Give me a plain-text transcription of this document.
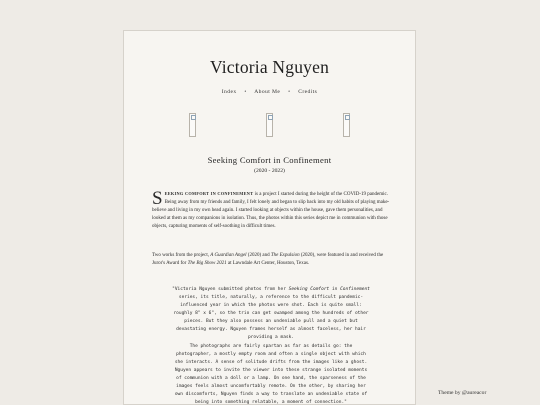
Victoria Nguyen
Index • About Me • Credits
Seeking Comfort in Confinement
(2020 - 2022)
SEEKING COMFORT IN CONFINEMENT is a project I started during the height of the COVID-19 pandemic. Being away from my friends and family, I felt lonely and began to slip back into my old habits of playing make-believe and living in my own head again. I started looking at objects within the house, gave them personalities, and looked at them as my companions in isolation. Thus, the photos within this series depict me in communion with those objects, capturing moments of self-soothing in difficult times.
Two works from the project, A Guardian Angel (2020) and The Expulsion (2020), were featured in and received the Juror's Award for The Big Show 2021 at Lawndale Art Center, Houston, Texas.
"Victoria Nguyen submitted photos from her Seeking Comfort in Confinement series, its title, naturally, a reference to the difficult pandemic-influenced year in which the photos were shot. Each is quite small: roughly 8" x 6", so the trio can get swamped among the hundreds of other pieces. But they also possess an undeniable pull and a quiet but devastating energy. Nguyen frames herself as almost faceless, her hair providing a mask.
The photographs are fairly spartan as far as details go: the photographer, a mostly empty room and often a single object with which she interacts. A sense of solitude drifts from the images like a ghost. Nguyen appears to invite the viewer into these strange isolated moments of communion with a doll or a lamp. On one hand, the sparseness of the images feels almost uncomfortably remote. On the other, by sharing her own discomforts, Nguyen finds a way to translate an undeniable state of being into something relatable, a moment of connection."
Theme by @aureacor
